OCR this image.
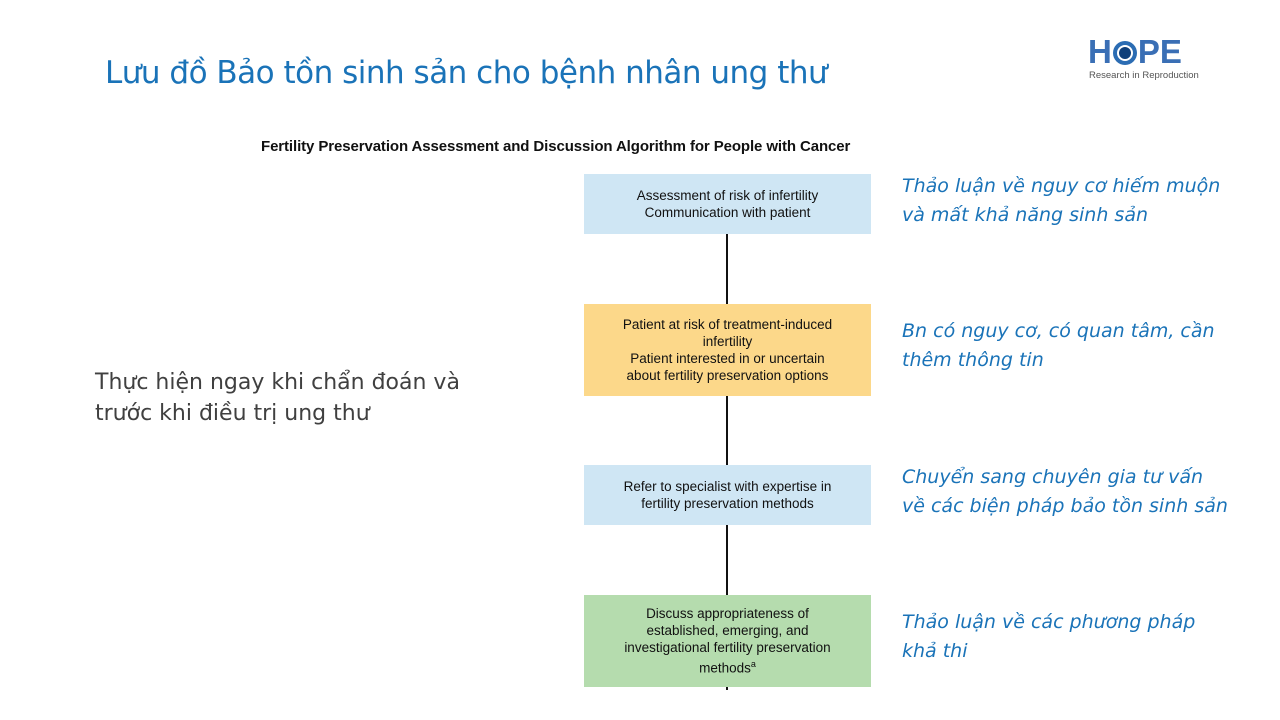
Lưu đồ Bảo tồn sinh sản cho bệnh nhân ung thư
H PE
Research in Reproduction
Fertility Preservation Assessment and Discussion Algorithm for People with Cancer
Thực hiện ngay khi chẩn đoán và
trước khi điều trị ung thư
Assessment of risk of infertility
Communication with patient
Patient at risk of treatment-induced
infertility
Patient interested in or uncertain
about fertility preservation options
Refer to specialist with expertise in
fertility preservation methods
Discuss appropriateness of
established, emerging, and
investigational fertility preservation
methods$^a$
Thảo luận về nguy cơ hiếm muộn
và mất khả năng sinh sản
Bn có nguy cơ, có quan tâm, cần
thêm thông tin
Chuyển sang chuyên gia tư vấn
về các biện pháp bảo tồn sinh sản
Thảo luận về các phương pháp
khả thi
